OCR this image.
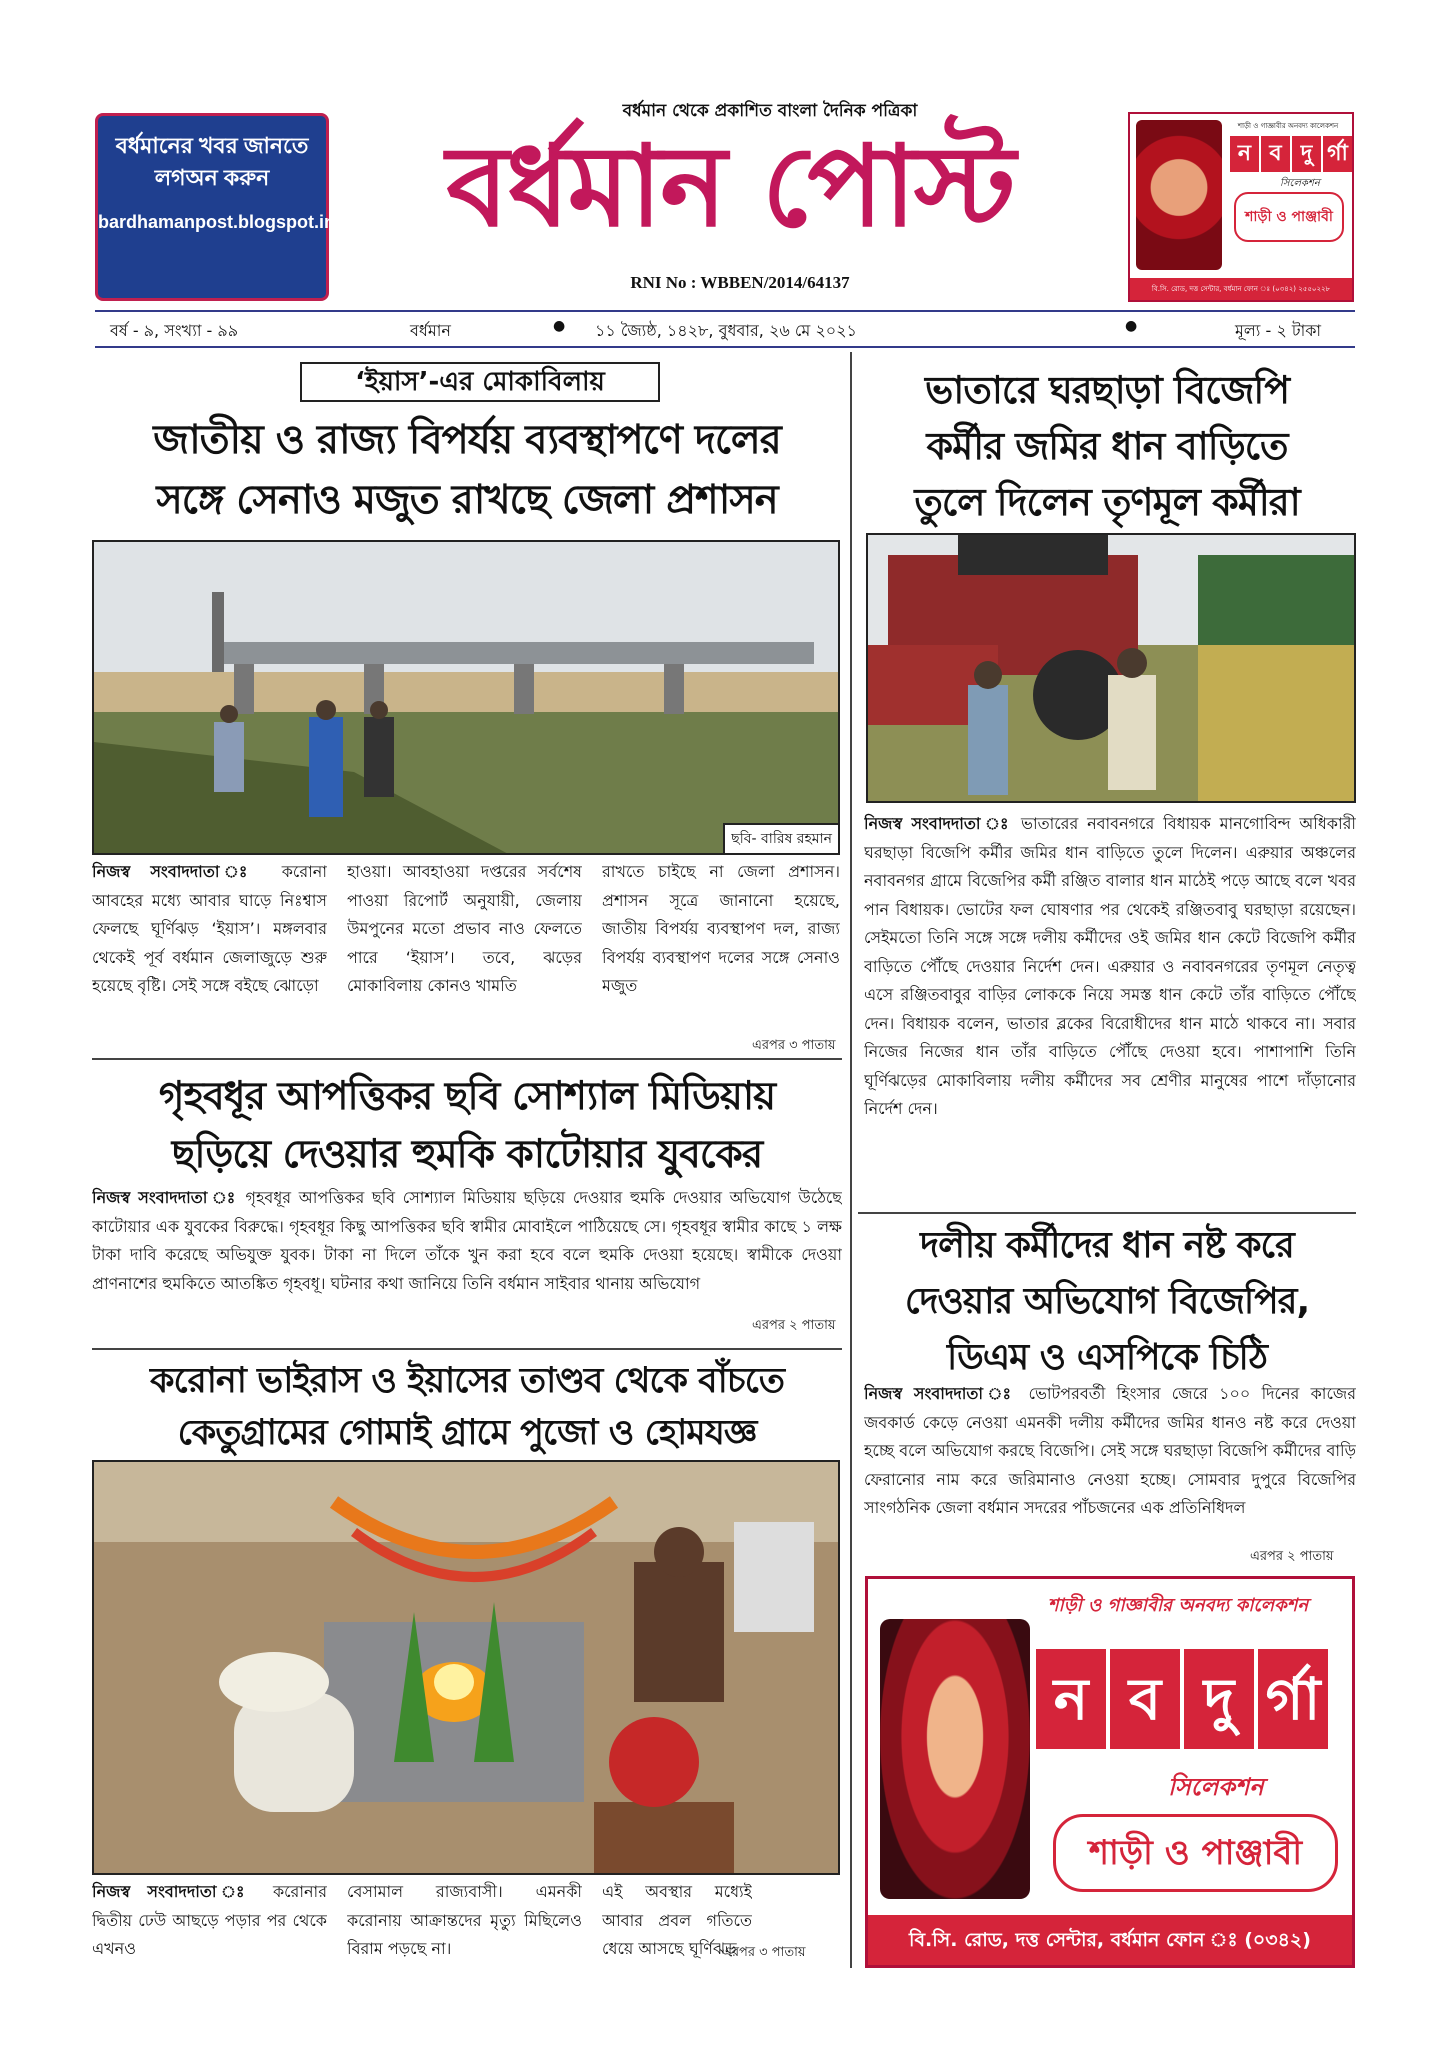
বর্ধমানের খবর জানতে
লগঅন করুন
bardhamanpost.blogspot.in
বর্ধমান থেকে প্রকাশিত বাংলা দৈনিক পত্রিকা
বর্ধমান পোস্ট
RNI No : WBBEN/2014/64137
শাড়ী ও গাজ্ঞাবীর অনবদ্য কালেকশন
ন ব দু র্গা
সিলেকশন
শাড়ী ও পাঞ্জাবী
বি.সি. রোড, দত্ত সেন্টার, বর্ধমান ফোন ঃ (০৩৪২) ২৫৫০২২৮
বর্ষ - ৯, সংখ্যা - ৯৯	বর্ধমান	● ১১ জ্যৈষ্ঠ, ১৪২৮, বুধবার, ২৬ মে ২০২১	●	মূল্য - ২ টাকা
‘ইয়াস’-এর মোকাবিলায়
জাতীয় ও রাজ্য বিপর্যয় ব্যবস্থাপণে দলের
সঙ্গে সেনাও মজুত রাখছে জেলা প্রশাসন
ছবি- বারিষ রহমান
নিজস্ব সংবাদদাতা ঃ করোনা আবহের মধ্যে আবার ঘাড়ে নিঃশ্বাস ফেলছে ঘূর্ণিঝড় ‘ইয়াস’। মঙ্গলবার থেকেই পূর্ব বর্ধমান জেলাজুড়ে শুরু হয়েছে বৃষ্টি। সেই সঙ্গে বইছে ঝোড়ো
হাওয়া। আবহাওয়া দপ্তরের সর্বশেষ পাওয়া রিপোর্ট অনুযায়ী, জেলায় উমপুনের মতো প্রভাব নাও ফেলতে পারে ‘ইয়াস’। তবে, ঝড়ের মোকাবিলায় কোনও খামতি
রাখতে চাইছে না জেলা প্রশাসন। প্রশাসন সূত্রে জানানো হয়েছে, জাতীয় বিপর্যয় ব্যবস্থাপণ দল, রাজ্য বিপর্যয় ব্যবস্থাপণ দলের সঙ্গে সেনাও মজুত
এরপর ৩ পাতায়
গৃহবধূর আপত্তিকর ছবি সোশ্যাল মিডিয়ায়
ছড়িয়ে দেওয়ার হুমকি কাটোয়ার যুবকের
নিজস্ব সংবাদদাতা ঃ গৃহবধূর আপত্তিকর ছবি সোশ্যাল মিডিয়ায় ছড়িয়ে দেওয়ার হুমকি দেওয়ার অভিযোগ উঠেছে কাটোয়ার এক যুবকের বিরুদ্ধে। গৃহবধূর কিছু আপত্তিকর ছবি স্বামীর মোবাইলে পাঠিয়েছে সে। গৃহবধূর স্বামীর কাছে ১ লক্ষ টাকা দাবি করেছে অভিযুক্ত যুবক। টাকা না দিলে তাঁকে খুন করা হবে বলে হুমকি দেওয়া হয়েছে। স্বামীকে দেওয়া প্রাণনাশের হুমকিতে আতঙ্কিত গৃহবধূ। ঘটনার কথা জানিয়ে তিনি বর্ধমান সাইবার থানায় অভিযোগ
এরপর ২ পাতায়
করোনা ভাইরাস ও ইয়াসের তাণ্ডব থেকে বাঁচতে
কেতুগ্রামের গোমাই গ্রামে পুজো ও হোমযজ্ঞ
নিজস্ব সংবাদদাতা ঃ করোনার দ্বিতীয় ঢেউ আছড়ে পড়ার পর থেকে এখনও
বেসামাল রাজ্যবাসী। এমনকী করোনায় আক্রান্তদের মৃত্যু মিছিলেও বিরাম পড়ছে না।
এই অবস্থার মধ্যেই আবার প্রবল গতিতে ধেয়ে আসছে ঘূর্ণিঝড়
এরপর ৩ পাতায়
ভাতারে ঘরছাড়া বিজেপি
কর্মীর জমির ধান বাড়িতে
তুলে দিলেন তৃণমূল কর্মীরা
নিজস্ব সংবাদদাতা ঃ ভাতারের নবাবনগরে বিধায়ক মানগোবিন্দ অধিকারী ঘরছাড়া বিজেপি কর্মীর জমির ধান বাড়িতে তুলে দিলেন। এরুয়ার অঞ্চলের নবাবনগর গ্রামে বিজেপির কর্মী রঞ্জিত বালার ধান মাঠেই পড়ে আছে বলে খবর পান বিধায়ক। ভোটের ফল ঘোষণার পর থেকেই রঞ্জিতবাবু ঘরছাড়া রয়েছেন। সেইমতো তিনি সঙ্গে সঙ্গে দলীয় কর্মীদের ওই জমির ধান কেটে বিজেপি কর্মীর বাড়িতে পৌঁছে দেওয়ার নির্দেশ দেন। এরুয়ার ও নবাবনগরের তৃণমূল নেতৃত্ব এসে রঞ্জিতবাবুর বাড়ির লোককে নিয়ে সমস্ত ধান কেটে তাঁর বাড়িতে পৌঁছে দেন। বিধায়ক বলেন, ভাতার ব্লকের বিরোধীদের ধান মাঠে থাকবে না। সবার নিজের নিজের ধান তাঁর বাড়িতে পৌঁছে দেওয়া হবে। পাশাপাশি তিনি ঘূর্ণিঝড়ের মোকাবিলায় দলীয় কর্মীদের সব শ্রেণীর মানুষের পাশে দাঁড়ানোর নির্দেশ দেন।
দলীয় কর্মীদের ধান নষ্ট করে
দেওয়ার অভিযোগ বিজেপির,
ডিএম ও এসপিকে চিঠি
নিজস্ব সংবাদদাতা ঃ ভোটপরবর্তী হিংসার জেরে ১০০ দিনের কাজের জবকার্ড কেড়ে নেওয়া এমনকী দলীয় কর্মীদের জমির ধানও নষ্ট করে দেওয়া হচ্ছে বলে অভিযোগ করছে বিজেপি। সেই সঙ্গে ঘরছাড়া বিজেপি কর্মীদের বাড়ি ফেরানোর নাম করে জরিমানাও নেওয়া হচ্ছে। সোমবার দুপুরে বিজেপির সাংগঠনিক জেলা বর্ধমান সদরের পাঁচজনের এক প্রতিনিধিদল
এরপর ২ পাতায়
শাড়ী ও গাজ্ঞাবীর অনবদ্য কালেকশন
ন ব দু র্গা
সিলেকশন
শাড়ী ও পাঞ্জাবী
বি.সি. রোড, দত্ত সেন্টার, বর্ধমান ফোন ঃ (০৩৪২) ২৫৫০২২৮
